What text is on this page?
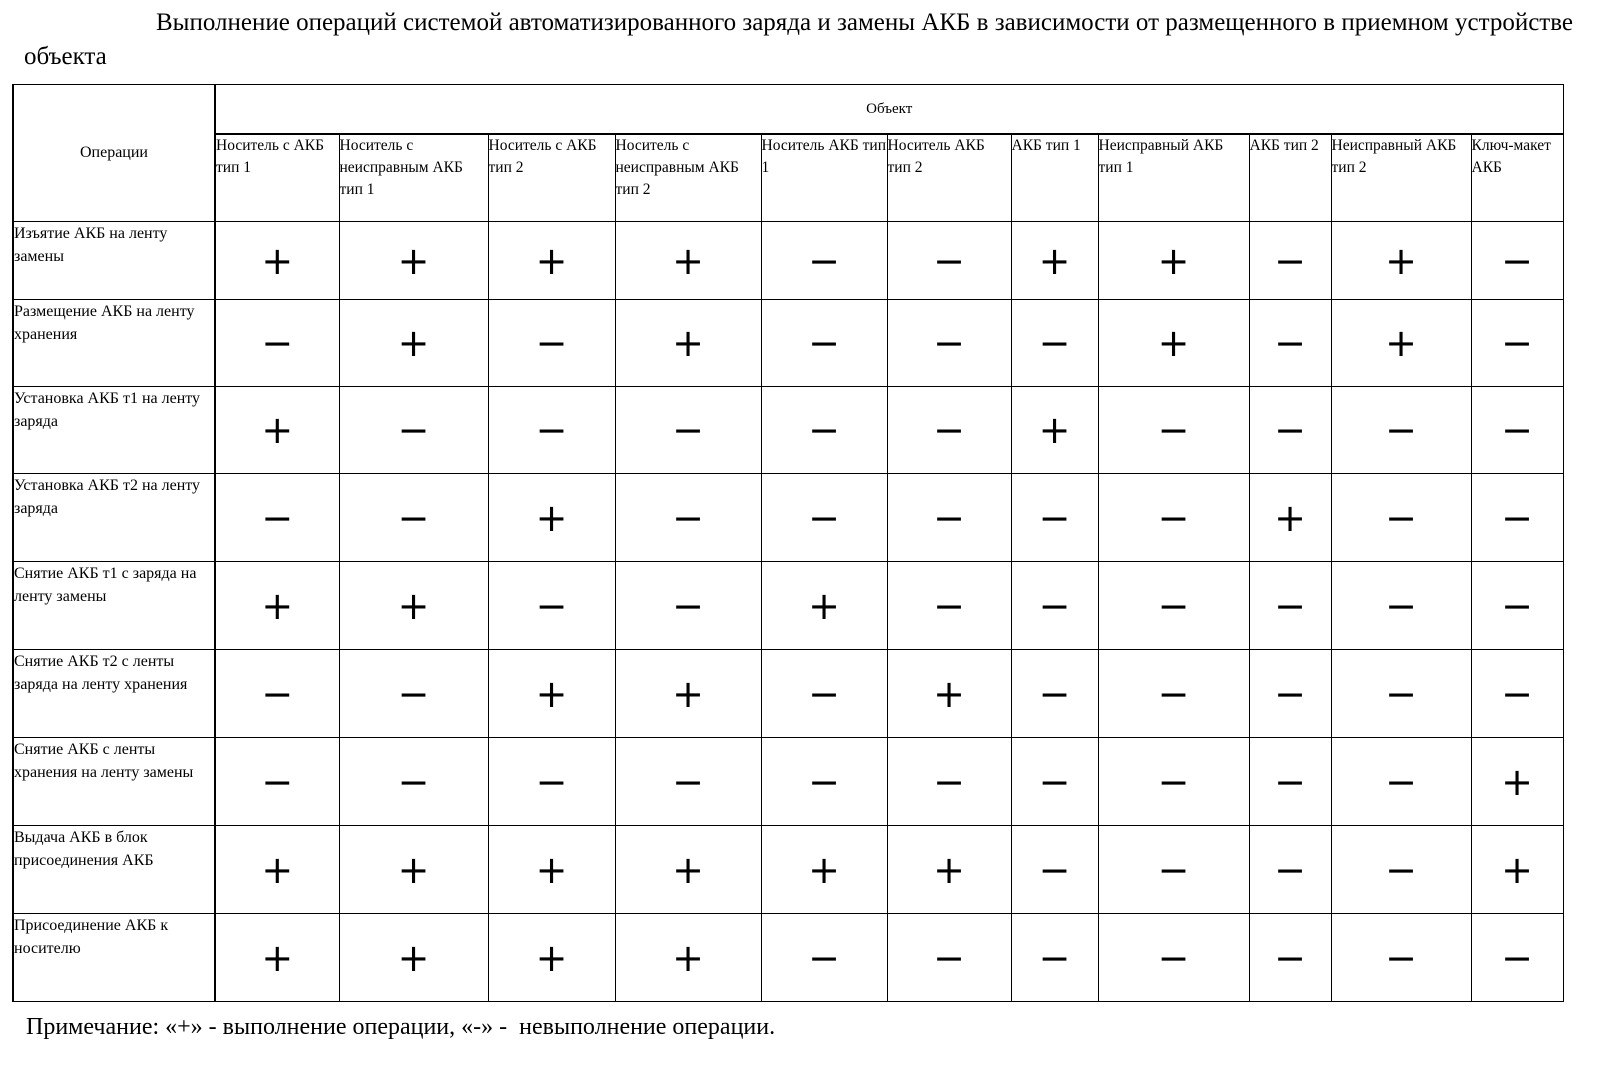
Выполнение операций системой автоматизированного заряда и замены АКБ в зависимости от размещенного в приемном устройстве объекта
Операции	Объект										
	Носитель с АКБ тип 1	Носитель с неисправным АКБ тип 1	Носитель с АКБ тип 2	Носитель с неисправным АКБ тип 2	Носитель АКБ тип 1	Носитель АКБ тип 2	АКБ тип 1	Неисправный АКБ тип 1	АКБ тип 2	Неисправный АКБ тип 2	Ключ-макет АКБ
Изъятие АКБ на ленту замены	+	+	+	+	−	−	+	+	−	+	−
Размещение АКБ на ленту хранения	−	+	−	+	−	−	−	+	−	+	−
Установка АКБ т1 на ленту заряда	+	−	−	−	−	−	+	−	−	−	−
Установка АКБ т2 на ленту заряда	−	−	+	−	−	−	−	−	+	−	−
Снятие АКБ т1 с заряда на ленту замены	+	+	−	−	+	−	−	−	−	−	−
Снятие АКБ т2 с ленты заряда на ленту хранения	−	−	+	+	−	+	−	−	−	−	−
Снятие АКБ с ленты хранения на ленту замены	−	−	−	−	−	−	−	−	−	−	+
Выдача АКБ в блок присоединения АКБ	+	+	+	+	+	+	−	−	−	−	+
Присоединение АКБ к носителю	+	+	+	+	−	−	−	−	−	−	−
Примечание: «+» - выполнение операции, «-» -  невыполнение операции.
